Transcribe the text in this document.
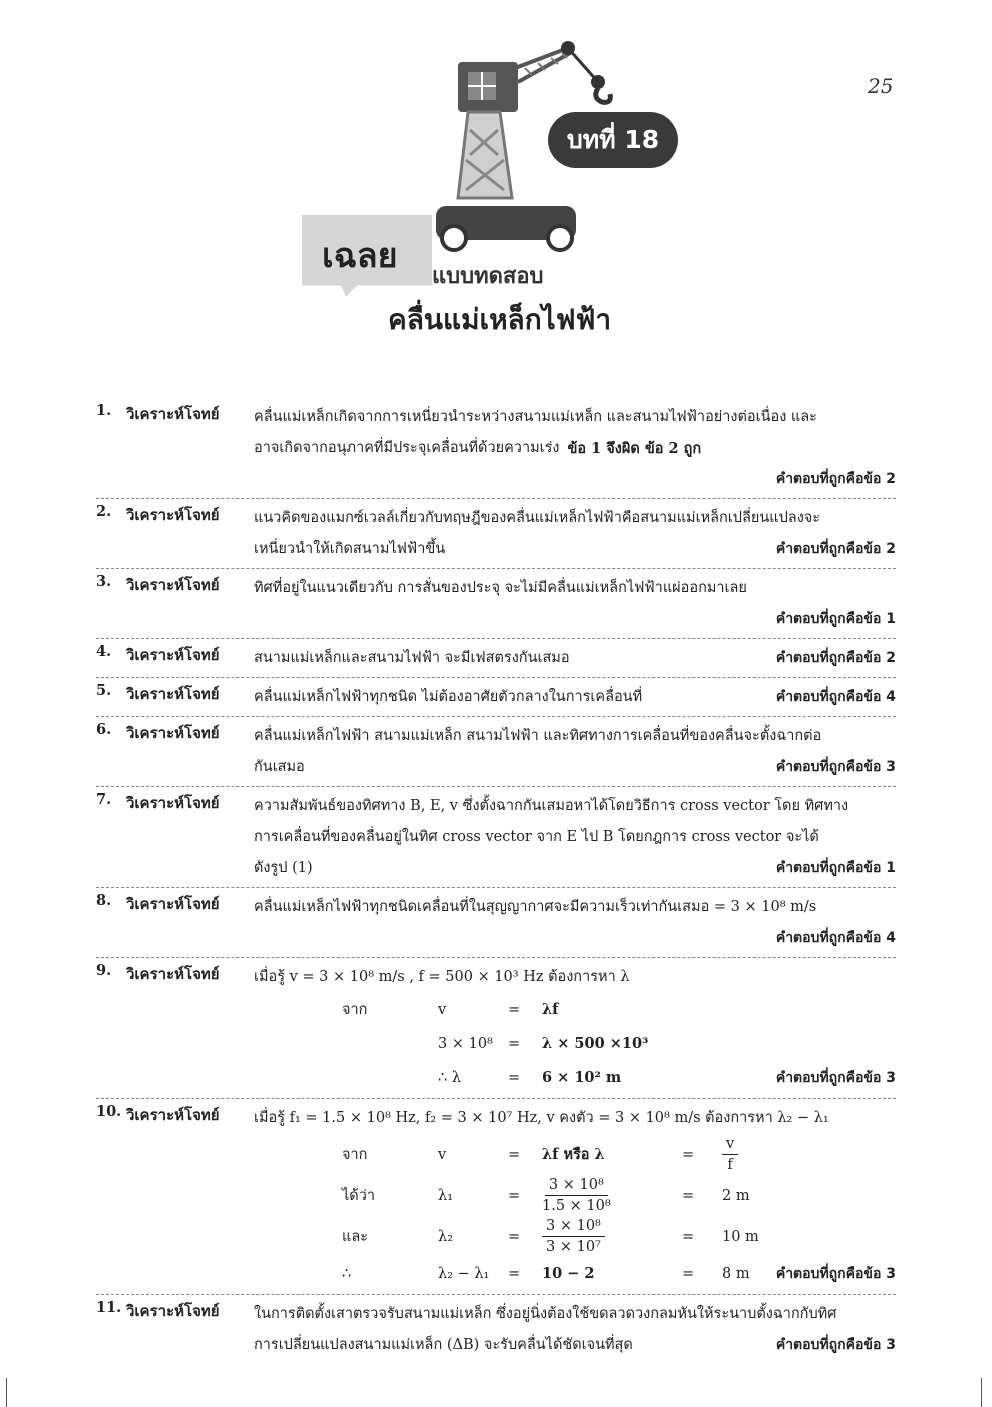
25
บทที่ 18
เฉลย
แบบทดสอบ
คลื่นแม่เหล็กไฟฟ้า
1. วิเคราะห์โจทย์	คลื่นแม่เหล็กเกิดจากการเหนี่ยวนำระหว่างสนามแม่เหล็ก และสนามไฟฟ้าอย่างต่อเนื่อง และ
อาจเกิดจากอนุภาคที่มีประจุเคลื่อนที่ด้วยความเร่ง ข้อ 1 จึงผิด ข้อ 2 ถูก
คำตอบที่ถูกคือข้อ 2
2. วิเคราะห์โจทย์	แนวคิดของแมกซ์เวลล์เกี่ยวกับทฤษฎีของคลื่นแม่เหล็กไฟฟ้าคือสนามแม่เหล็กเปลี่ยนแปลงจะ
เหนี่ยวนำให้เกิดสนามไฟฟ้าขึ้น	คำตอบที่ถูกคือข้อ 2
3. วิเคราะห์โจทย์	ทิศที่อยู่ในแนวเดียวกับ การสั่นของประจุ จะไม่มีคลื่นแม่เหล็กไฟฟ้าแผ่ออกมาเลย
คำตอบที่ถูกคือข้อ 1
4. วิเคราะห์โจทย์	สนามแม่เหล็กและสนามไฟฟ้า จะมีเฟสตรงกันเสมอ	คำตอบที่ถูกคือข้อ 2
5. วิเคราะห์โจทย์	คลื่นแม่เหล็กไฟฟ้าทุกชนิด ไม่ต้องอาศัยตัวกลางในการเคลื่อนที่	คำตอบที่ถูกคือข้อ 4
6. วิเคราะห์โจทย์	คลื่นแม่เหล็กไฟฟ้า สนามแม่เหล็ก สนามไฟฟ้า และทิศทางการเคลื่อนที่ของคลื่นจะตั้งฉากต่อ
กันเสมอ	คำตอบที่ถูกคือข้อ 3
7. วิเคราะห์โจทย์	ความสัมพันธ์ของทิศทาง B, E, v ซึ่งตั้งฉากกันเสมอหาได้โดยวิธีการ cross vector โดย ทิศทาง
การเคลื่อนที่ของคลื่นอยู่ในทิศ cross vector จาก E ไป B โดยกฎการ cross vector จะได้
ดังรูป (1)	คำตอบที่ถูกคือข้อ 1
8. วิเคราะห์โจทย์	คลื่นแม่เหล็กไฟฟ้าทุกชนิดเคลื่อนที่ในสุญญากาศจะมีความเร็วเท่ากันเสมอ = 3 × 10⁸ m/s
คำตอบที่ถูกคือข้อ 4
9. วิเคราะห์โจทย์	เมื่อรู้ v = 3 × 10⁸ m/s , f = 500 × 10³ Hz ต้องการหา λ
จาก	v	=	λf
3 × 10⁸	=	λ × 500 ×10³
∴ λ	=	6 × 10² m	คำตอบที่ถูกคือข้อ 3
10. วิเคราะห์โจทย์	เมื่อรู้ f₁ = 1.5 × 10⁸ Hz, f₂ = 3 × 10⁷ Hz, v คงตัว = 3 × 10⁸ m/s ต้องการหา λ₂ − λ₁
จาก	v	=	λf หรือ λ	=	$\frac{v}{f}$
ได้ว่า	λ₁	=	$\frac{\text{3 × 10⁸}}{\text{1.5 × 10⁸}}$	=	2 m
และ	λ₂	=	$\frac{\text{3 × 10⁸}}{\text{3 × 10⁷}}$	=	10 m
∴	λ₂ − λ₁	=	10 − 2	=	8 m คำตอบที่ถูกคือข้อ 3
11. วิเคราะห์โจทย์	ในการติดตั้งเสาตรวจรับสนามแม่เหล็ก ซึ่งอยู่นิ่งต้องใช้ขดลวดวงกลมหันให้ระนาบตั้งฉากกับทิศ
การเปลี่ยนแปลงสนามแม่เหล็ก (ΔB) จะรับคลื่นได้ชัดเจนที่สุด	คำตอบที่ถูกคือข้อ 3
